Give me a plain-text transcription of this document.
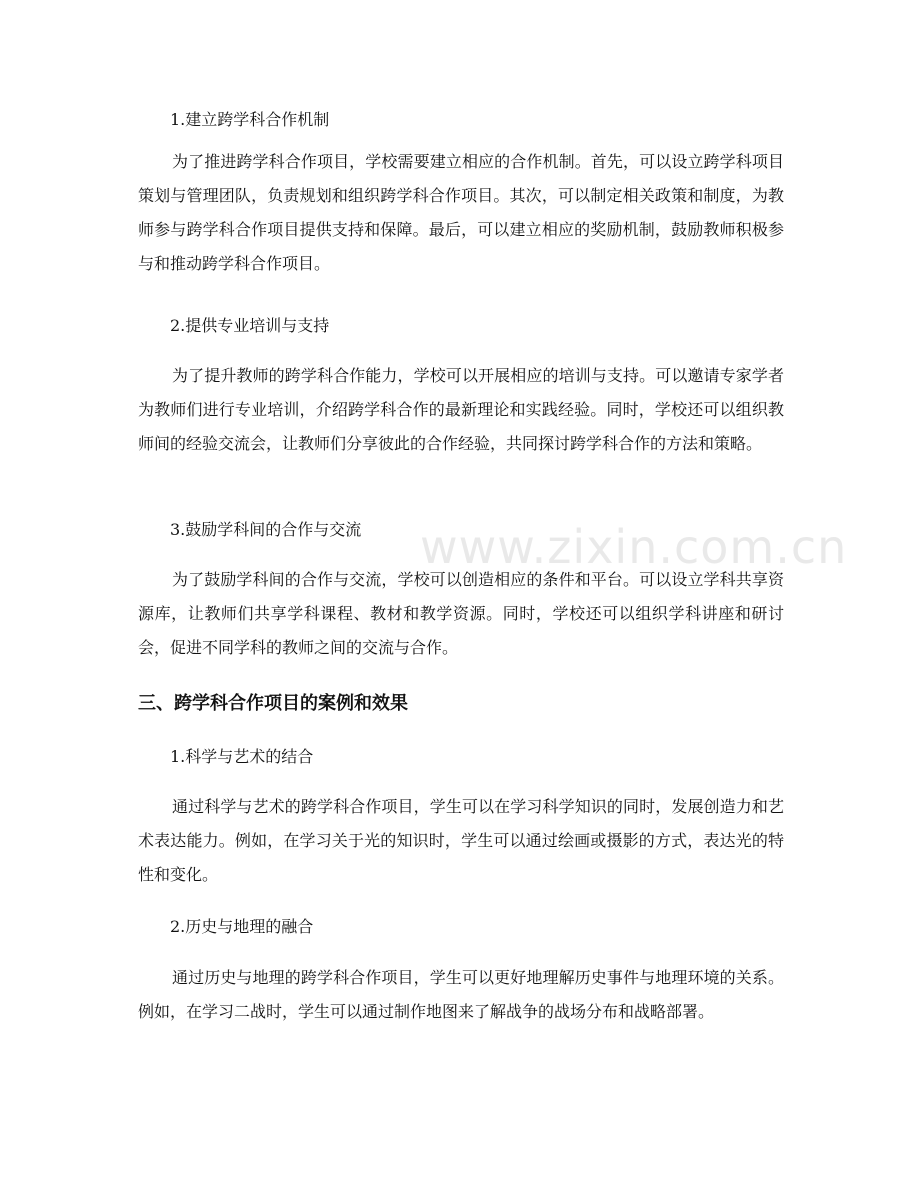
www.zixin.com.cn
1.建立跨学科合作机制
为了推进跨学科合作项目，学校需要建立相应的合作机制。首先，可以设立跨学科项目策划与管理团队，负责规划和组织跨学科合作项目。其次，可以制定相关政策和制度，为教师参与跨学科合作项目提供支持和保障。最后，可以建立相应的奖励机制，鼓励教师积极参与和推动跨学科合作项目。
2.提供专业培训与支持
为了提升教师的跨学科合作能力，学校可以开展相应的培训与支持。可以邀请专家学者为教师们进行专业培训，介绍跨学科合作的最新理论和实践经验。同时，学校还可以组织教师间的经验交流会，让教师们分享彼此的合作经验，共同探讨跨学科合作的方法和策略。
3.鼓励学科间的合作与交流
为了鼓励学科间的合作与交流，学校可以创造相应的条件和平台。可以设立学科共享资源库，让教师们共享学科课程、教材和教学资源。同时，学校还可以组织学科讲座和研讨会，促进不同学科的教师之间的交流与合作。
三、跨学科合作项目的案例和效果
1.科学与艺术的结合
通过科学与艺术的跨学科合作项目，学生可以在学习科学知识的同时，发展创造力和艺术表达能力。例如，在学习关于光的知识时，学生可以通过绘画或摄影的方式，表达光的特性和变化。
2.历史与地理的融合
通过历史与地理的跨学科合作项目，学生可以更好地理解历史事件与地理环境的关系。例如，在学习二战时，学生可以通过制作地图来了解战争的战场分布和战略部署。
